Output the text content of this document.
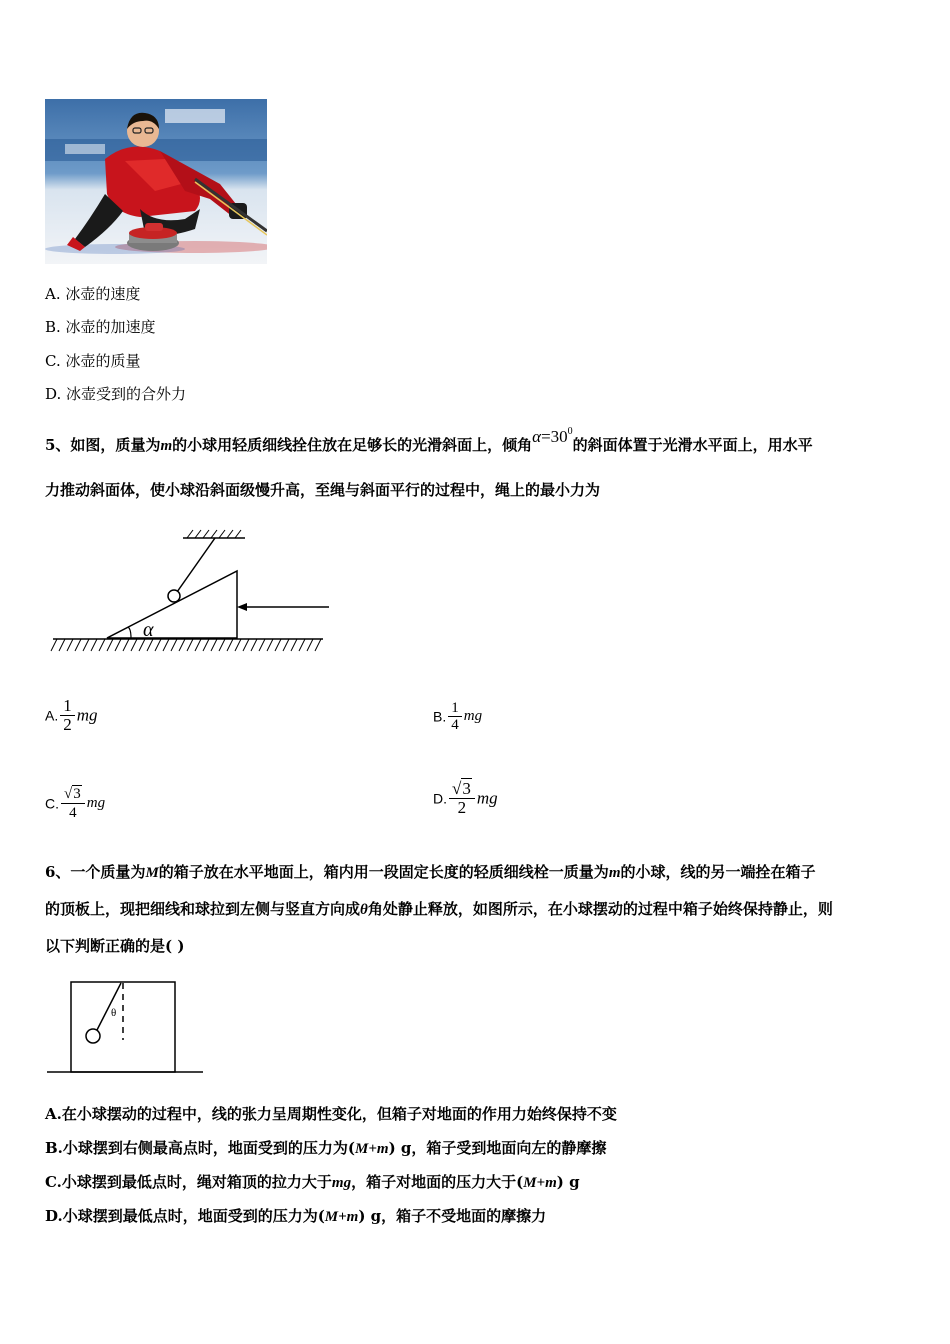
A. 冰壶的速度
B. 冰壶的加速度
C. 冰壶的质量
D. 冰壶受到的合外力
5、如图，质量为m的小球用轻质细线拴住放在足够长的光滑斜面上，倾角$\alpha=30^0$的斜面体置于光滑水平面上，用水平
力推动斜面体，使小球沿斜面级慢升高，至绳与斜面平行的过程中，绳上的最小力为
α
A. $\frac{1}{2}$ mg	B. $\frac{1}{4}$ mg
C. $\frac{√3}{4}$ mg	D. $\frac{√3}{2}$ mg
6、一个质量为M的箱子放在水平地面上，箱内用一段固定长度的轻质细线栓一质量为m的小球，线的另一端拴在箱子
的顶板上，现把细线和球拉到左侧与竖直方向成θ角处静止释放，如图所示，在小球摆动的过程中箱子始终保持静止，则
以下判断正确的是( )
θ
A.在小球摆动的过程中，线的张力呈周期性变化，但箱子对地面的作用力始终保持不变
B.小球摆到右侧最高点时，地面受到的压力为(M+m) g，箱子受到地面向左的静摩擦
C.小球摆到最低点时，绳对箱顶的拉力大于mg，箱子对地面的压力大于(M+m) g
D.小球摆到最低点时，地面受到的压力为(M+m) g，箱子不受地面的摩擦力
